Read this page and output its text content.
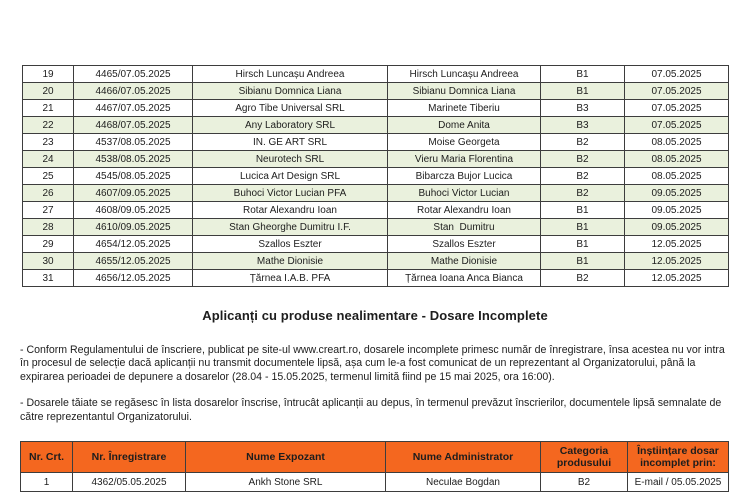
19	4465/07.05.2025	Hirsch Luncașu Andreea	Hirsch Luncașu Andreea	B1	07.05.2025
20	4466/07.05.2025	Sibianu Domnica Liana	Sibianu Domnica Liana	B1	07.05.2025
21	4467/07.05.2025	Agro Tibe Universal SRL	Marinete Tiberiu	B3	07.05.2025
22	4468/07.05.2025	Any Laboratory SRL	Dome Anita	B3	07.05.2025
23	4537/08.05.2025	IN. GE ART SRL	Moise Georgeta	B2	08.05.2025
24	4538/08.05.2025	Neurotech SRL	Vieru Maria Florentina	B2	08.05.2025
25	4545/08.05.2025	Lucica Art Design SRL	Bibarcza Bujor Lucica	B2	08.05.2025
26	4607/09.05.2025	Buhoci Victor Lucian PFA	Buhoci Victor Lucian	B2	09.05.2025
27	4608/09.05.2025	Rotar Alexandru Ioan	Rotar Alexandru Ioan	B1	09.05.2025
28	4610/09.05.2025	Stan Gheorghe Dumitru I.F.	Stan  Dumitru	B1	09.05.2025
29	4654/12.05.2025	Szallos Eszter	Szallos Eszter	B1	12.05.2025
30	4655/12.05.2025	Mathe Dionisie	Mathe Dionisie	B1	12.05.2025
31	4656/12.05.2025	Țărnea I.A.B. PFA	Țărnea Ioana Anca Bianca	B2	12.05.2025
Aplicanți cu produse nealimentare - Dosare Incomplete

- Conform Regulamentului de înscriere, publicat pe site-ul www.creart.ro, dosarele incomplete primesc număr de înregistrare, însa acestea nu vor intra în procesul de selecție dacă aplicanții nu transmit documentele lipsă, așa cum le-a fost comunicat de un reprezentant al Organizatorului, până la expirarea perioadei de depunere a dosarelor (28.04 - 15.05.2025, termenul limită fiind pe 15 mai 2025, ora 16:00).

- Dosarele tăiate se regăsesc în lista dosarelor înscrise, întrucât aplicanții au depus, în termenul prevăzut înscrierilor, documentele lipsă semnalate de către reprezentantul Organizatorului.

Nr. Crt.	Nr. Înregistrare	Nume Expozant	Nume Administrator	Categoria produsului	Înștiințare dosar incomplet prin:
1	4362/05.05.2025	Ankh Stone SRL	Neculae Bogdan	B2	E-mail / 05.05.2025
